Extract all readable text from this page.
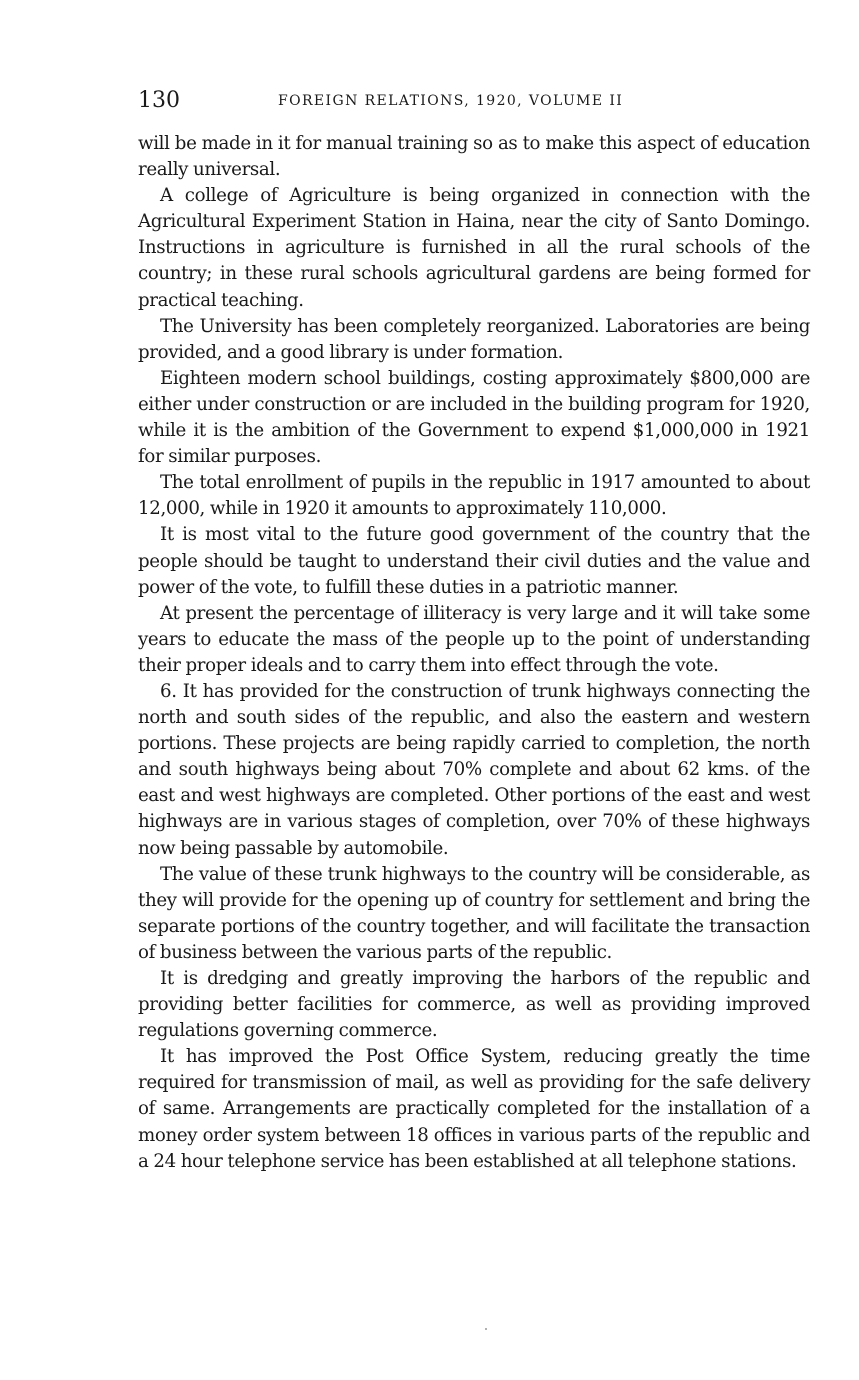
130	FOREIGN RELATIONS, 1920, VOLUME II

will be made in it for manual training so as to make this aspect of education really universal.

A college of Agriculture is being organized in connection with the Agricultural Experiment Station in Haina, near the city of Santo Domingo. Instructions in agriculture is furnished in all the rural schools of the country; in these rural schools agricultural gardens are being formed for practical teaching.

The University has been completely reorganized. Laboratories are being provided, and a good library is under formation.

Eighteen modern school buildings, costing approximately $800,000 are either under construction or are included in the building program for 1920, while it is the ambition of the Government to expend $1,000,000 in 1921 for similar purposes.

The total enrollment of pupils in the republic in 1917 amounted to about 12,000, while in 1920 it amounts to approximately 110,000.

It is most vital to the future good government of the country that the people should be taught to understand their civil duties and the value and power of the vote, to fulfill these duties in a patriotic manner.

At present the percentage of illiteracy is very large and it will take some years to educate the mass of the people up to the point of understanding their proper ideals and to carry them into effect through the vote.

6. It has provided for the construction of trunk highways connecting the north and south sides of the republic, and also the eastern and western portions. These projects are being rapidly carried to completion, the north and south highways being about 70% complete and about 62 kms. of the east and west highways are completed. Other portions of the east and west highways are in various stages of completion, over 70% of these highways now being passable by automobile.

The value of these trunk highways to the country will be considerable, as they will provide for the opening up of country for settlement and bring the separate portions of the country together, and will facilitate the transaction of business between the various parts of the republic.

It is dredging and greatly improving the harbors of the republic and providing better facilities for commerce, as well as providing improved regulations governing commerce.

It has improved the Post Office System, reducing greatly the time required for transmission of mail, as well as providing for the safe delivery of same. Arrangements are practically completed for the installation of a money order system between 18 offices in various parts of the republic and a 24 hour telephone service has been established at all telephone stations.
